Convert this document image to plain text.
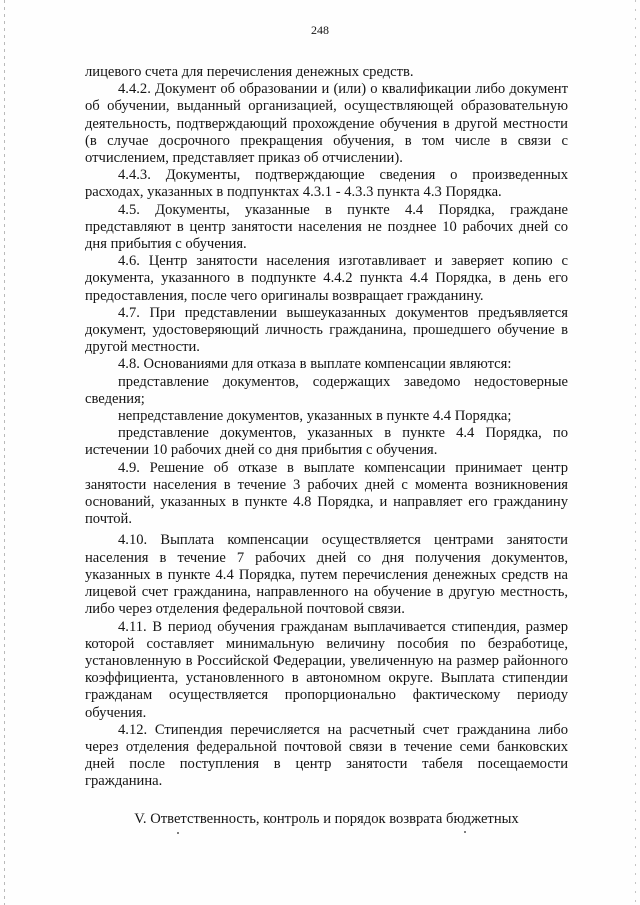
248

лицевого счета для перечисления денежных средств.

4.4.2. Документ об образовании и (или) о квалификации либо документ об обучении, выданный организацией, осуществляющей образовательную деятельность, подтверждающий прохождение обучения в другой местности (в случае досрочного прекращения обучения, в том числе в связи с отчислением, представляет приказ об отчислении).

4.4.3. Документы, подтверждающие сведения о произведенных расходах, указанных в подпунктах 4.3.1 - 4.3.3 пункта 4.3 Порядка.

4.5. Документы, указанные в пункте 4.4 Порядка, граждане представляют в центр занятости населения не позднее 10 рабочих дней со дня прибытия с обучения.

4.6. Центр занятости населения изготавливает и заверяет копию с документа, указанного в подпункте 4.4.2 пункта 4.4 Порядка, в день его предоставления, после чего оригиналы возвращает гражданину.

4.7. При представлении вышеуказанных документов предъявляется документ, удостоверяющий личность гражданина, прошедшего обучение в другой местности.

4.8. Основаниями для отказа в выплате компенсации являются:

представление документов, содержащих заведомо недостоверные сведения;

непредставление документов, указанных в пункте 4.4 Порядка;

представление документов, указанных в пункте 4.4 Порядка, по истечении 10 рабочих дней со дня прибытия с обучения.

4.9. Решение об отказе в выплате компенсации принимает центр занятости населения в течение 3 рабочих дней с момента возникновения оснований, указанных в пункте 4.8 Порядка, и направляет его гражданину почтой.

4.10. Выплата компенсации осуществляется центрами занятости населения в течение 7 рабочих дней со дня получения документов, указанных в пункте 4.4 Порядка, путем перечисления денежных средств на лицевой счет гражданина, направленного на обучение в другую местность, либо через отделения федеральной почтовой связи.

4.11. В период обучения гражданам выплачивается стипендия, размер которой составляет минимальную величину пособия по безработице, установленную в Российской Федерации, увеличенную на размер районного коэффициента, установленного в автономном округе. Выплата стипендии гражданам осуществляется пропорционально фактическому периоду обучения.

4.12. Стипендия перечисляется на расчетный счет гражданина либо через отделения федеральной почтовой связи в течение семи банковских дней после поступления в центр занятости табеля посещаемости гражданина.

V. Ответственность, контроль и порядок возврата бюджетных
